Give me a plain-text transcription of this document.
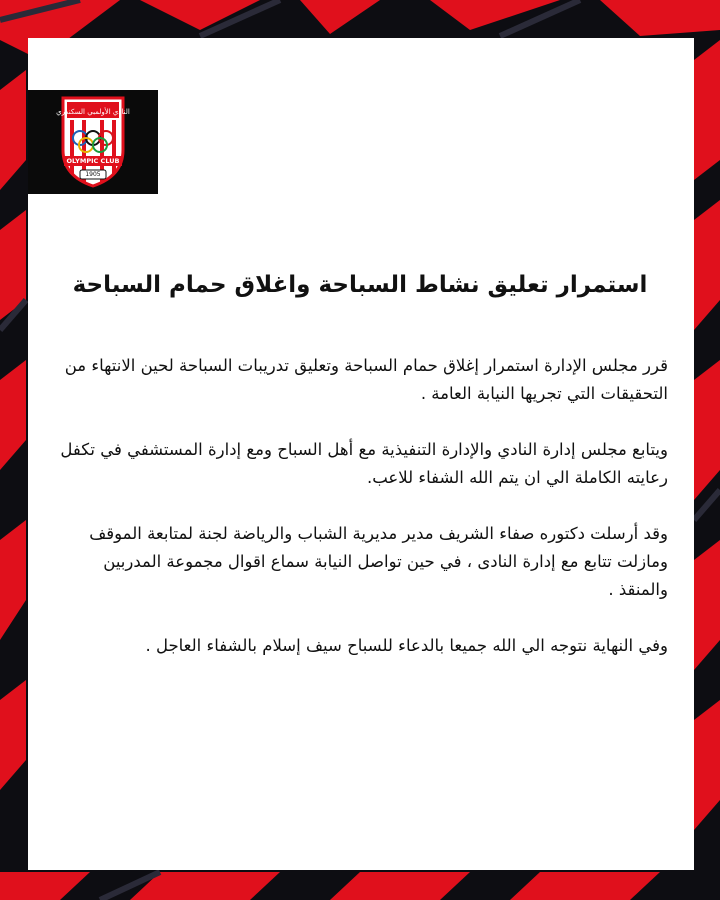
النادي الأولمبي السكندري
OLYMPIC CLUB
1905
استمرار تعليق نشاط السباحة واغلاق حمام السباحة

قرر مجلس الإدارة استمرار إغلاق حمام السباحة وتعليق تدريبات السباحة لحين الانتهاء من التحقيقات التي تجريها النيابة العامة .

ويتابع مجلس إدارة النادي والإدارة التنفيذية مع أهل السباح ومع إدارة المستشفي في تكفل رعايته الكاملة الي ان يتم الله الشفاء للاعب.

وقد أرسلت دكتوره صفاء الشريف مدير مديرية الشباب والرياضة لجنة لمتابعة الموقف ومازلت تتابع مع إدارة النادى ، في حين تواصل النيابة سماع اقوال مجموعة المدربين والمنقذ .

وفي النهاية نتوجه الي الله جميعا بالدعاء للسباح سيف إسلام بالشفاء العاجل .
